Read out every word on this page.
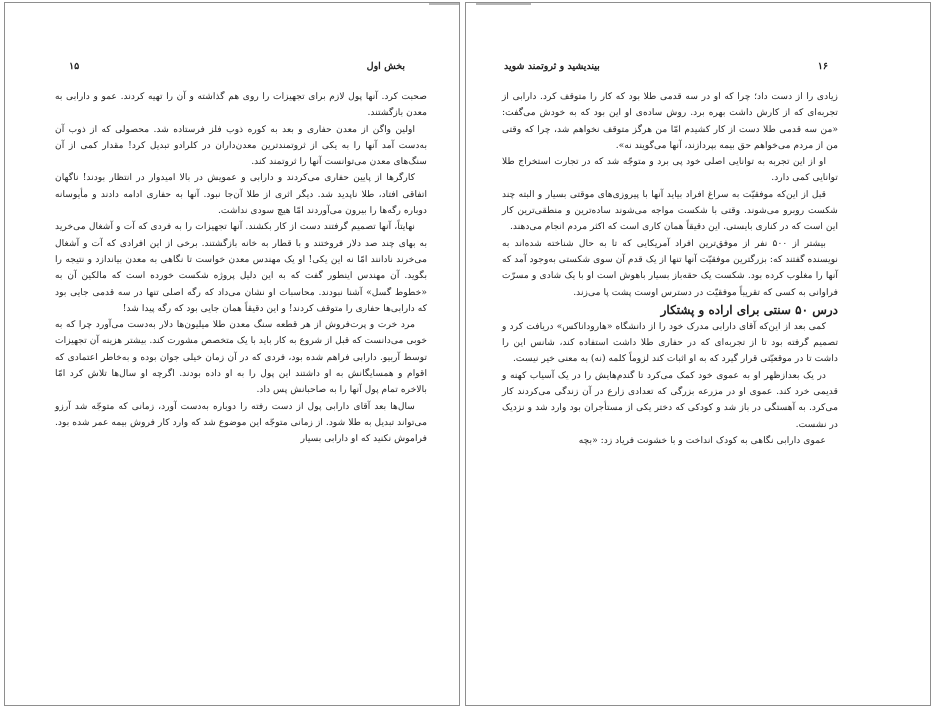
۱۵	بخش اول

صحبت کرد. آنها پول لازم برای تجهیزات را روی هم گذاشته و آن را تهیه کردند. عمو و دارابی به معدن بازگشتند.

اولین واگن از معدن حفاری و بعد به کوره ذوب فلز فرستاده شد. محصولی که از ذوب آن به‌دست آمد آنها را به یکی از ثروتمندترین معدن‌داران در کلرادو تبدیل کرد! مقدار کمی از آن سنگ‌های معدن می‌توانست آنها را ثروتمند کند.

کارگرها از پایین حفاری می‌کردند و دارابی و عمویش در بالا امیدوار در انتظار بودند! ناگهان اتفاقی افتاد، طلا ناپدید شد. دیگر اثری از طلا آن‌جا نبود. آنها به حفاری ادامه دادند و مأیوسانه دوباره رگه‌ها را بیرون می‌آوردند امّا هیچ سودی نداشت.

نهایتاً، آنها تصمیم گرفتند دست از کار بکشند. آنها تجهیزات را به فردی که آت و آشغال می‌خرید به بهای چند صد دلار فروختند و با قطار به خانه بازگشتند. برخی از این افرادی که آت و آشغال می‌خرند نادانند امّا نه این یکی! او یک مهندس معدن خواست تا نگاهی به معدن بیاندازد و نتیجه را بگوید. آن مهندس اینطور گفت که به این دلیل پروژه شکست خورده است که مالکین آن به «خطوط گسل» آشنا نبودند. محاسبات او نشان می‌داد که رگه اصلی تنها در سه قدمی جایی بود که دارابی‌ها حفاری را متوقف کردند! و این دقیقاً همان جایی بود که رگه پیدا شد!

مرد خرت و پرت‌فروش از هر قطعه سنگ معدن طلا میلیون‌ها دلار به‌دست می‌آورد چرا که به خوبی می‌دانست که قبل از شروع به کار باید با یک متخصص مشورت کند. بیشتر هزینه آن تجهیزات توسط آربیو. دارابی فراهم شده بود، فردی که در آن زمان خیلی جوان بوده و به‌خاطر اعتمادی که اقوام و همسایگانش به او داشتند این پول را به او داده بودند. اگرچه او سال‌ها تلاش کرد امّا بالاخره تمام پول آنها را به صاحبانش پس داد.

سال‌ها بعد آقای دارابی پول از دست رفته را دوباره به‌دست آورد، زمانی که متوجّه شد آرزو می‌تواند تبدیل به طلا شود. از زمانی متوجّه این موضوع شد که وارد کار فروش بیمه عمر شده بود. فراموش نکنید که او دارابی بسیار

بیندیشید و ثروتمند شوید	۱۶

زیادی را از دست داد؛ چرا که او در سه قدمی طلا بود که کار را متوقف کرد. دارابی از تجربه‌ای که از کارش داشت بهره برد. روش ساده‌ی او این بود که به خودش می‌گفت: «من سه قدمی طلا دست از کار کشیدم امّا من هرگز متوقف نخواهم شد، چرا که وقتی من از مردم می‌خواهم حق بیمه بپردازند، آنها می‌گویند نه».

او از این تجربه به توانایی اصلی خود پی برد و متوجّه شد که در تجارت استخراج طلا توانایی کمی دارد.

قبل از این‌که موفقیّت به سراغ افراد بیاید آنها با پیروزی‌های موقتی بسیار و البته چند شکست روبرو می‌شوند. وقتی با شکست مواجه می‌شوند ساده‌ترین و منطقی‌ترین کار این است که در کناری بایستی. این دقیقاً همان کاری است که اکثر مردم انجام می‌دهند.

بیشتر از ۵۰۰ نفر از موفق‌ترین افراد آمریکایی که تا به حال شناخته شده‌اند به نویسنده گفتند که: بزرگترین موفقیّت آنها تنها از یک قدم آن سوی شکستی به‌وجود آمد که آنها را مغلوب کرده بود. شکست یک حقه‌باز بسیار باهوش است او با یک شادی و مسرّت فراوانی به کسی که تقریباً موفقیّت در دسترس اوست پشت پا می‌زند.

درس ۵۰ سنتی برای اراده و پشتکار

کمی بعد از این‌که آقای دارابی مدرک خود را از دانشگاه «هاروداناکس» دریافت کرد و تصمیم گرفته بود تا از تجربه‌ای که در حفاری طلا داشت استفاده کند، شانس این را داشت تا در موقعیّتی قرار گیرد که به او اثبات کند لزوماً کلمه (نه) به معنی خیر نیست.

در یک بعدازظهر او به عموی خود کمک می‌کرد تا گندم‌هایش را در یک آسیاب کهنه و قدیمی خرد کند. عموی او در مزرعه بزرگی که تعدادی زارع در آن زندگی می‌کردند کار می‌کرد. به آهستگی در باز شد و کودکی که دختر یکی از مستأجران بود وارد شد و نزدیک در نشست.

عموی دارابی نگاهی به کودک انداخت و با خشونت فریاد زد: «بچه
